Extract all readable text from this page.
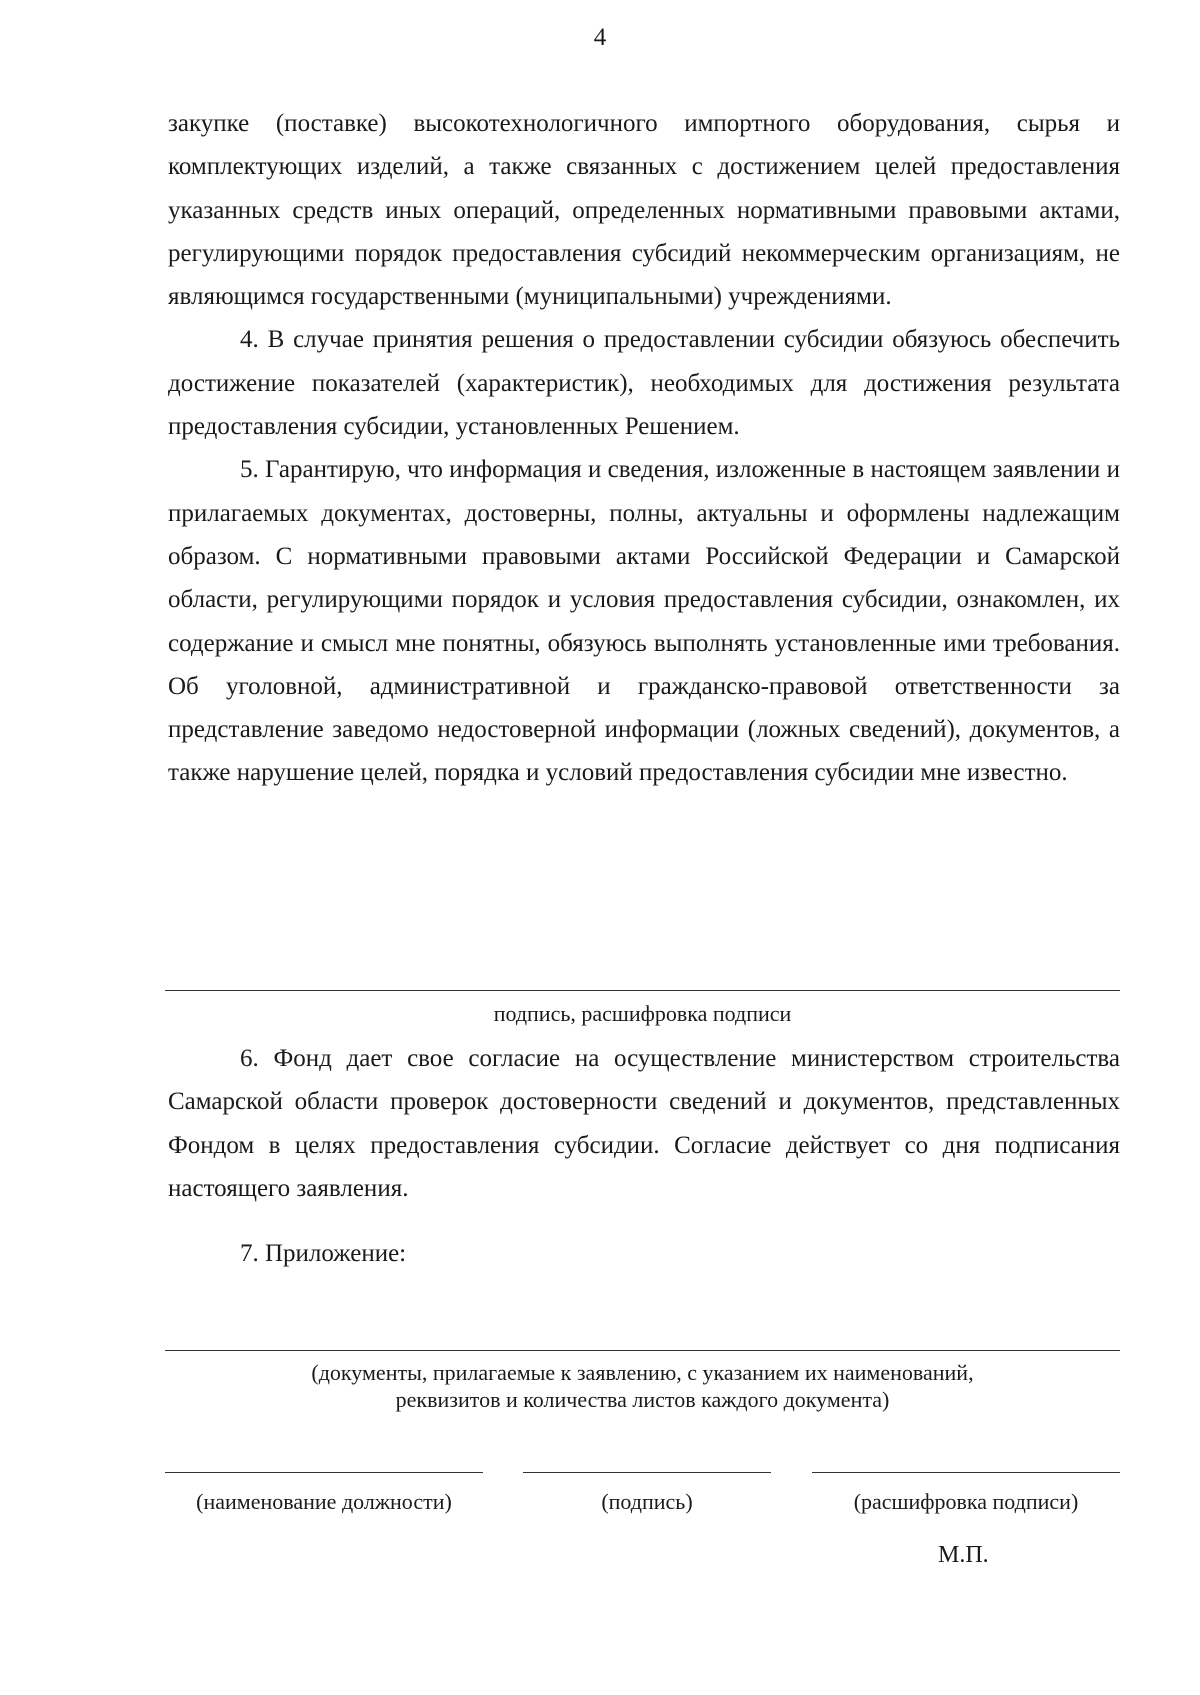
4

закупке (поставке) высокотехнологичного импортного оборудования, сырья и комплектующих изделий, а также связанных с достижением целей предоставления указанных средств иных операций, определенных нормативными правовыми актами, регулирующими порядок предоставления субсидий некоммерческим организациям, не являющимся государственными (муниципальными) учреждениями.

4. В случае принятия решения о предоставлении субсидии обязуюсь обеспечить достижение показателей (характеристик), необходимых для достижения результата предоставления субсидии, установленных Решением.

5. Гарантирую, что информация и сведения, изложенные в настоящем заявлении и прилагаемых документах, достоверны, полны, актуальны и оформлены надлежащим образом. С нормативными правовыми актами Российской Федерации и Самарской области, регулирующими порядок и условия предоставления субсидии, ознакомлен, их содержание и смысл мне понятны, обязуюсь выполнять установленные ими требования. Об уголовной, административной и гражданско-правовой ответственности за представление заведомо недостоверной информации (ложных сведений), документов, а также нарушение целей, порядка и условий предоставления субсидии мне известно.

подпись, расшифровка подписи

6. Фонд дает свое согласие на осуществление министерством строительства Самарской области проверок достоверности сведений и документов, представленных Фондом в целях предоставления субсидии. Согласие действует со дня подписания настоящего заявления.

7. Приложение:

(документы, прилагаемые к заявлению, с указанием их наименований,
реквизитов и количества листов каждого документа)
(наименование должности)	(подпись)	(расшифровка подписи)
М.П.
